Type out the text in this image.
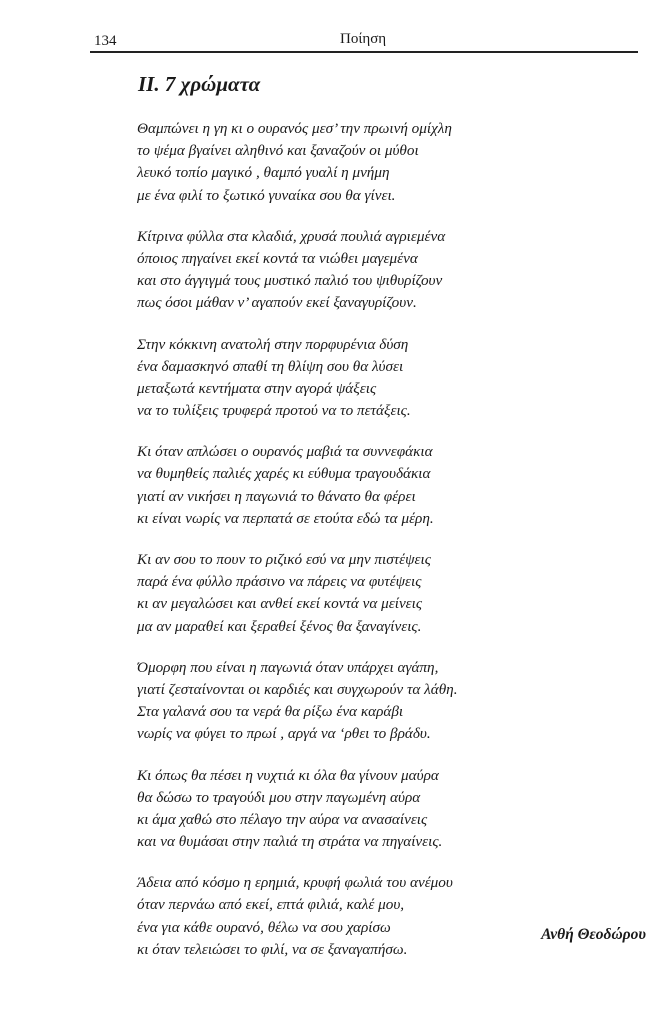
134	Ποίηση
ΙΙ. 7 χρώματα
Θαμπώνει η γη κι ο ουρανός μεσ’ την πρωινή ομίχλη
το ψέμα βγαίνει αληθινό και ξαναζούν οι μύθοι
λευκό τοπίο μαγικό , θαμπό γυαλί η μνήμη
με ένα φιλί το ξωτικό γυναίκα σου θα γίνει.
Κίτρινα φύλλα στα κλαδιά, χρυσά πουλιά αγριεμένα
όποιος πηγαίνει εκεί κοντά τα νιώθει μαγεμένα
και στο άγγιγμά τους μυστικό παλιό του ψιθυρίζουν
πως όσοι μάθαν ν’ αγαπούν εκεί ξαναγυρίζουν.
Στην κόκκινη ανατολή στην πορφυρένια δύση
ένα δαμασκηνό σπαθί τη θλίψη σου θα λύσει
μεταξωτά κεντήματα στην αγορά ψάξεις
να το τυλίξεις τρυφερά προτού να το πετάξεις.
Κι όταν απλώσει ο ουρανός μαβιά τα συννεφάκια
να θυμηθείς παλιές χαρές κι εύθυμα τραγουδάκια
γιατί αν νικήσει η παγωνιά το θάνατο θα φέρει
κι είναι νωρίς να περπατά σε ετούτα εδώ τα μέρη.
Κι αν σου το πουν το ριζικό εσύ να μην πιστέψεις
παρά ένα φύλλο πράσινο να πάρεις να φυτέψεις
κι αν μεγαλώσει και ανθεί εκεί κοντά να μείνεις
μα αν μαραθεί και ξεραθεί ξένος θα ξαναγίνεις.
Όμορφη που είναι η παγωνιά όταν υπάρχει αγάπη,
γιατί ζεσταίνονται οι καρδιές και συγχωρούν τα λάθη.
Στα γαλανά σου τα νερά θα ρίξω ένα καράβι
νωρίς να φύγει το πρωί , αργά να ‘ρθει το βράδυ.
Κι όπως θα πέσει η νυχτιά κι όλα θα γίνουν μαύρα
θα δώσω το τραγούδι μου στην παγωμένη αύρα
κι άμα χαθώ στο πέλαγο την αύρα να ανασαίνεις
και να θυμάσαι στην παλιά τη στράτα να πηγαίνεις.
Άδεια από κόσμο η ερημιά, κρυφή φωλιά του ανέμου
όταν περνάω από εκεί, επτά φιλιά, καλέ μου,
ένα για κάθε ουρανό, θέλω να σου χαρίσω
κι όταν τελειώσει το φιλί, να σε ξαναγαπήσω.
Ανθή Θεοδώρου
